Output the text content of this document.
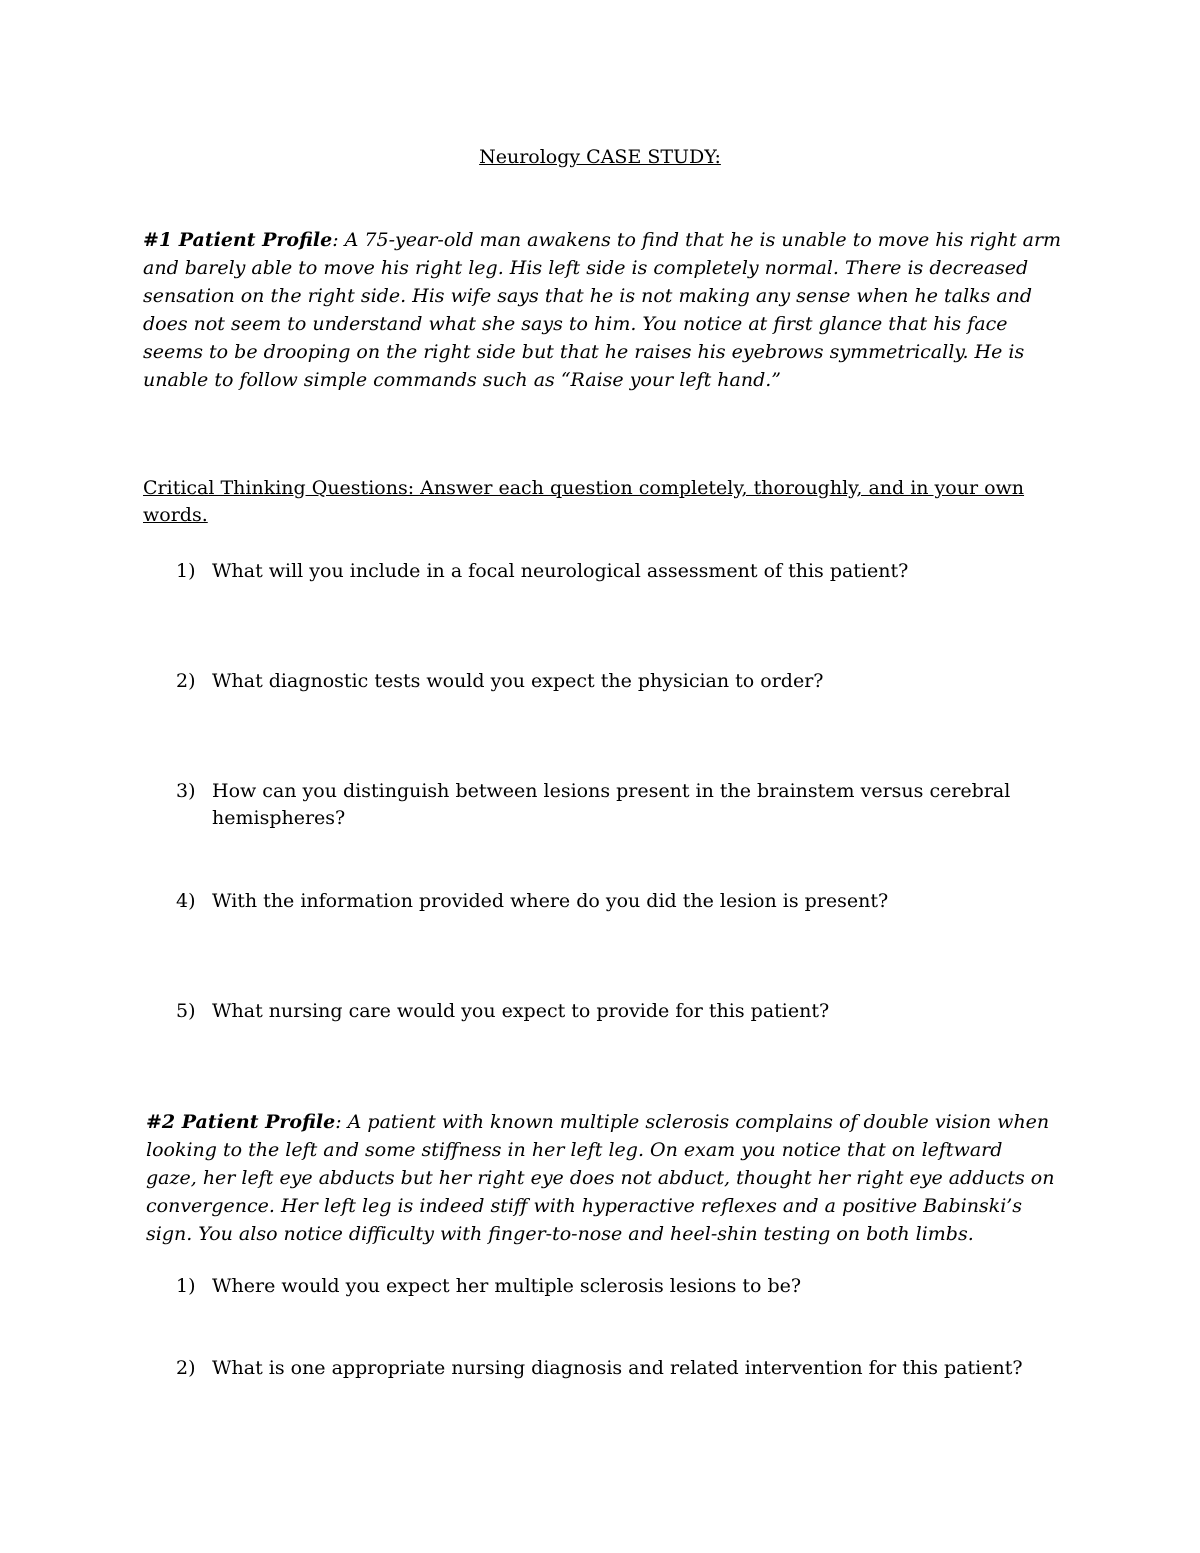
Neurology CASE STUDY:

#1 Patient Profile: A 75-year-old man awakens to find that he is unable to move his right arm and barely able to move his right leg. His left side is completely normal. There is decreased sensation on the right side. His wife says that he is not making any sense when he talks and does not seem to understand what she says to him. You notice at first glance that his face seems to be drooping on the right side but that he raises his eyebrows symmetrically. He is unable to follow simple commands such as “Raise your left hand.”

Critical Thinking Questions: Answer each question completely, thoroughly, and in your own words.

1) What will you include in a focal neurological assessment of this patient?
2) What diagnostic tests would you expect the physician to order?
3) How can you distinguish between lesions present in the brainstem versus cerebral hemispheres?
4) With the information provided where do you did the lesion is present?
5) What nursing care would you expect to provide for this patient?

#2 Patient Profile: A patient with known multiple sclerosis complains of double vision when looking to the left and some stiffness in her left leg. On exam you notice that on leftward gaze, her left eye abducts but her right eye does not abduct, thought her right eye adducts on convergence. Her left leg is indeed stiff with hyperactive reflexes and a positive Babinski’s sign. You also notice difficulty with finger-to-nose and heel-shin testing on both limbs.

1) Where would you expect her multiple sclerosis lesions to be?
2) What is one appropriate nursing diagnosis and related intervention for this patient?
